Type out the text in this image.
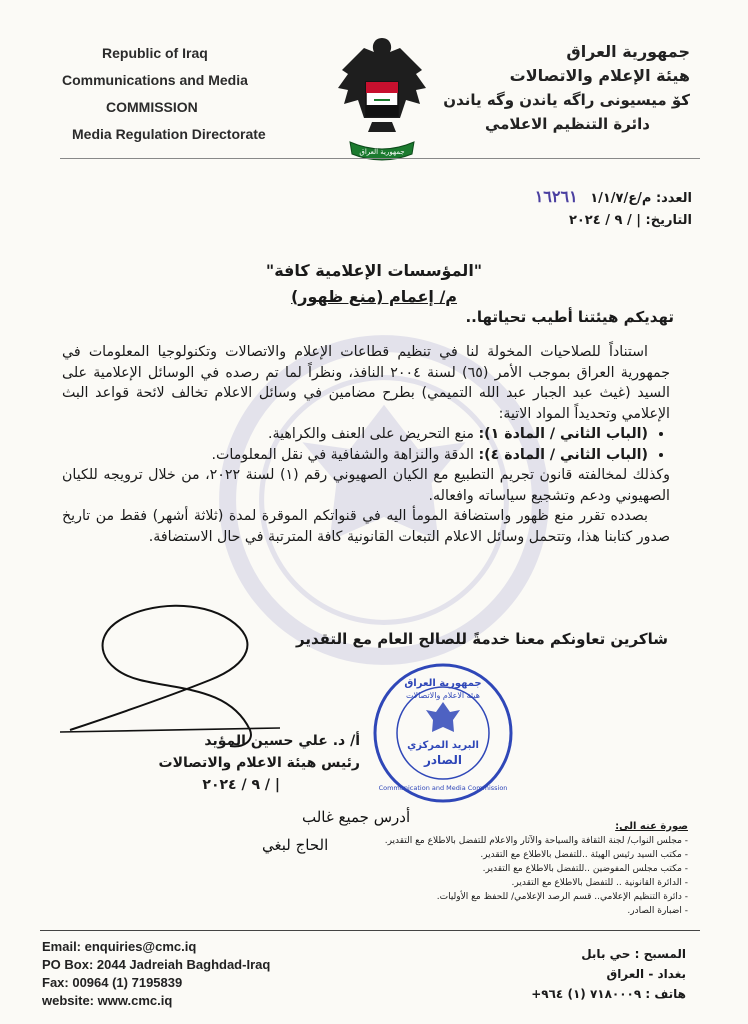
Republic of Iraq
Communications and Media
COMMISSION
Media Regulation Directorate
جمهورية العراق
جمهورية العراق
هيئة الإعلام والاتصالات
كۆ ميسيونى راگه ياندن وگه ياندن
دائرة التنظيم الاعلامي
العدد: م/ع/١/١/٧ ١٦٢٦١
التاريخ: | / ٩ / ٢٠٢٤
"المؤسسات الإعلامية كافة"
م/ إعمام (منع ظهور)
تهديكم هيئتنا أطيب تحياتها..

استناداً للصلاحيات المخولة لنا في تنظيم قطاعات الإعلام والاتصالات وتكنولوجيا المعلومات في جمهورية العراق بموجب الأمر (٦٥) لسنة ٢٠٠٤ النافذ، ونظراً لما تم رصده في الوسائل الإعلامية على السيد (غيث عبد الجبار عبد الله التميمي) بطرح مضامين في وسائل الاعلام تخالف لائحة قواعد البث الإعلامي وتحديداً المواد الاتية:

• (الباب الثاني / المادة ١): منع التحريض على العنف والكراهية.
• (الباب الثاني / المادة ٤): الدقة والنزاهة والشفافية في نقل المعلومات.

وكذلك لمخالفته قانون تجريم التطبيع مع الكيان الصهيوني رقم (١) لسنة ٢٠٢٢، من خلال ترويجه للكيان الصهيوني ودعم وتشجيع سياساته وافعاله.

بصدده تقرر منع ظهور واستضافة المومأ اليه في قنواتكم الموقرة لمدة (ثلاثة أشهر) فقط من تاريخ صدور كتابنا هذا، وتتحمل وسائل الاعلام التبعات القانونية كافة المترتبة في حال الاستضافة.

شاكرين تعاونكم معنا خدمةً للصالح العام مع التقدير
جمهورية العراق
هيئة الاعلام والاتصالات
البريد المركزي
الصادر
Communication and Media Commission
أ/ د. علي حسين المؤيد
رئيس هيئة الاعلام والاتصالات
| / ٩ / ٢٠٢٤
أدرس جميع غالب
الحاج لبغي
صورة عنه الى:
- مجلس النواب/ لجنة الثقافة والسياحة والآثار والاعلام للتفضل بالاطلاع مع التقدير.
- مكتب السيد رئيس الهيئة ..للتفضل بالاطلاع مع التقدير.
- مكتب مجلس المفوضين ..للتفضل بالاطلاع مع التقدير.
- الدائرة القانونية .. للتفضل بالاطلاع مع التقدير.
- دائرة التنظيم الإعلامي.. قسم الرصد الإعلامي/ للحفظ مع الأوليات.
- اضبارة الصادر.
Email: enquiries@cmc.iq
PO Box: 2044 Jadreiah Baghdad-Iraq
Fax: 00964 (1) 7195839
website: www.cmc.iq
المسبح : حي بابل
بغداد - العراق
هاتف : ٧١٨٠٠٠٩ (١) ٩٦٤+
